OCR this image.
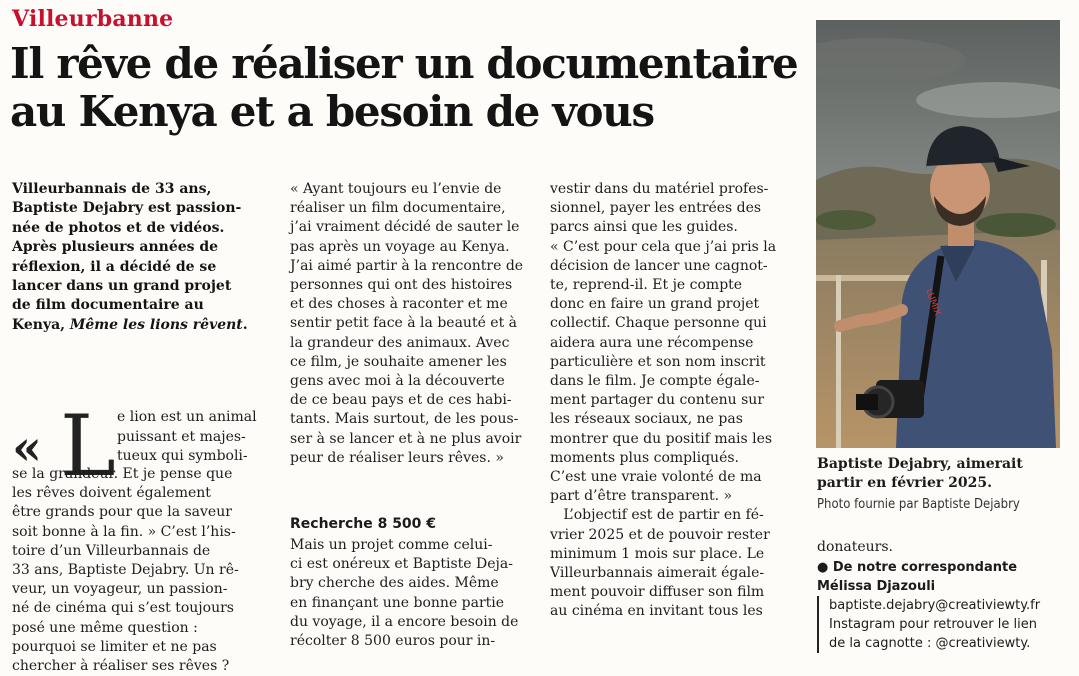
Villeurbanne
Il rêve de réaliser un documentaire
au Kenya et a besoin de vous
Villeurbannais de 33 ans,
Baptiste Dejabry est passion-
née de photos et de vidéos.
Après plusieurs années de
réflexion, il a décidé de se
lancer dans un grand projet
de film documentaire au
Kenya, Même les lions rêvent.

«

L

e lion est un animal
puissant et majes-
tueux qui symboli-

se la grandeur. Et je pense que
les rêves doivent également
être grands pour que la saveur
soit bonne à la fin. » C’est l’his-
toire d’un Villeurbannais de
33 ans, Baptiste Dejabry. Un rê-
veur, un voyageur, un passion-
né de cinéma qui s’est toujours
posé une même question :
pourquoi se limiter et ne pas
chercher à réaliser ses rêves ?

« Ayant toujours eu l’envie de
réaliser un film documentaire,
j’ai vraiment décidé de sauter le
pas après un voyage au Kenya.
J’ai aimé partir à la rencontre de
personnes qui ont des histoires
et des choses à raconter et me
sentir petit face à la beauté et à
la grandeur des animaux. Avec
ce film, je souhaite amener les
gens avec moi à la découverte
de ce beau pays et de ces habi-
tants. Mais surtout, de les pous-
ser à se lancer et à ne plus avoir
peur de réaliser leurs rêves. »
Recherche 8 500 €
Mais un projet comme celui-
ci est onéreux et Baptiste Deja-
bry cherche des aides. Même
en finançant une bonne partie
du voyage, il a encore besoin de
récolter 8 500 euros pour in-
vestir dans du matériel profes-
sionnel, payer les entrées des
parcs ainsi que les guides.
« C’est pour cela que j’ai pris la
décision de lancer une cagnot-
te, reprend-il. Et je compte
donc en faire un grand projet
collectif. Chaque personne qui
aidera aura une récompense
particulière et son nom inscrit
dans le film. Je compte égale-
ment partager du contenu sur
les réseaux sociaux, ne pas
montrer que du positif mais les
moments plus compliqués.
C’est une vraie volonté de ma
part d’être transparent. »
L’objectif est de partir en fé-
vrier 2025 et de pouvoir rester
minimum 1 mois sur place. Le
Villeurbannais aimerait égale-
ment pouvoir diffuser son film
au cinéma en invitant tous les
LUMIX
Baptiste Dejabry, aimerait
partir en février 2025.
Photo fournie par Baptiste Dejabry
donateurs.
● De notre correspondante
Mélissa Djazouli
baptiste.dejabry@creativiewty.fr
Instagram pour retrouver le lien
de la cagnotte : @creativiewty.
